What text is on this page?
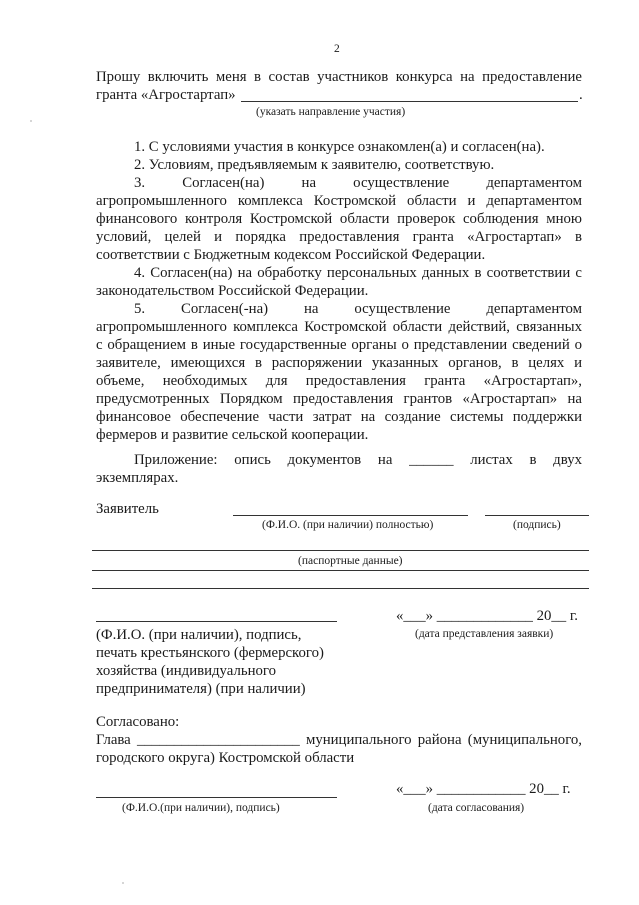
2
Прошу включить меня в состав участников конкурса на предоставление
гранта «Агростартап»	.
(указать направление участия)
1. С условиями участия в конкурсе ознакомлен(а) и согласен(на).
2. Условиям, предъявляемым к заявителю, соответствую.
3. Согласен(на) на осуществление департаментом
агропромышленного комплекса Костромской области и департаментом
финансового контроля Костромской области проверок соблюдения мною
условий, целей и порядка предоставления гранта «Агростартап» в
соответствии с Бюджетным кодексом Российской Федерации.
4. Согласен(на) на обработку персональных данных в соответствии с
законодательством Российской Федерации.
5. Согласен(-на) на осуществление департаментом
агропромышленного комплекса Костромской области действий, связанных
с обращением в иные государственные органы о представлении сведений о
заявителе, имеющихся в распоряжении указанных органов, в целях и
объеме, необходимых для предоставления гранта «Агростартап»,
предусмотренных Порядком предоставления грантов «Агростартап» на
финансовое обеспечение части затрат на создание системы поддержки
фермеров и развитие сельской кооперации.
Приложение: опись документов на ______ листах в двух
экземплярах.
Заявитель
(Ф.И.О. (при наличии) полностью)	(подпись)
(паспортные данные)
«___» _____________ 20__ г.
(дата представления заявки)
(Ф.И.О. (при наличии), подпись,
печать крестьянского (фермерского)
хозяйства (индивидуального
предпринимателя) (при наличии)
Согласовано:
Глава ______________________ муниципального района (муниципального,
городского округа) Костромской области
«___» ____________ 20__ г.
(Ф.И.О.(при наличии), подпись)	(дата согласования)
